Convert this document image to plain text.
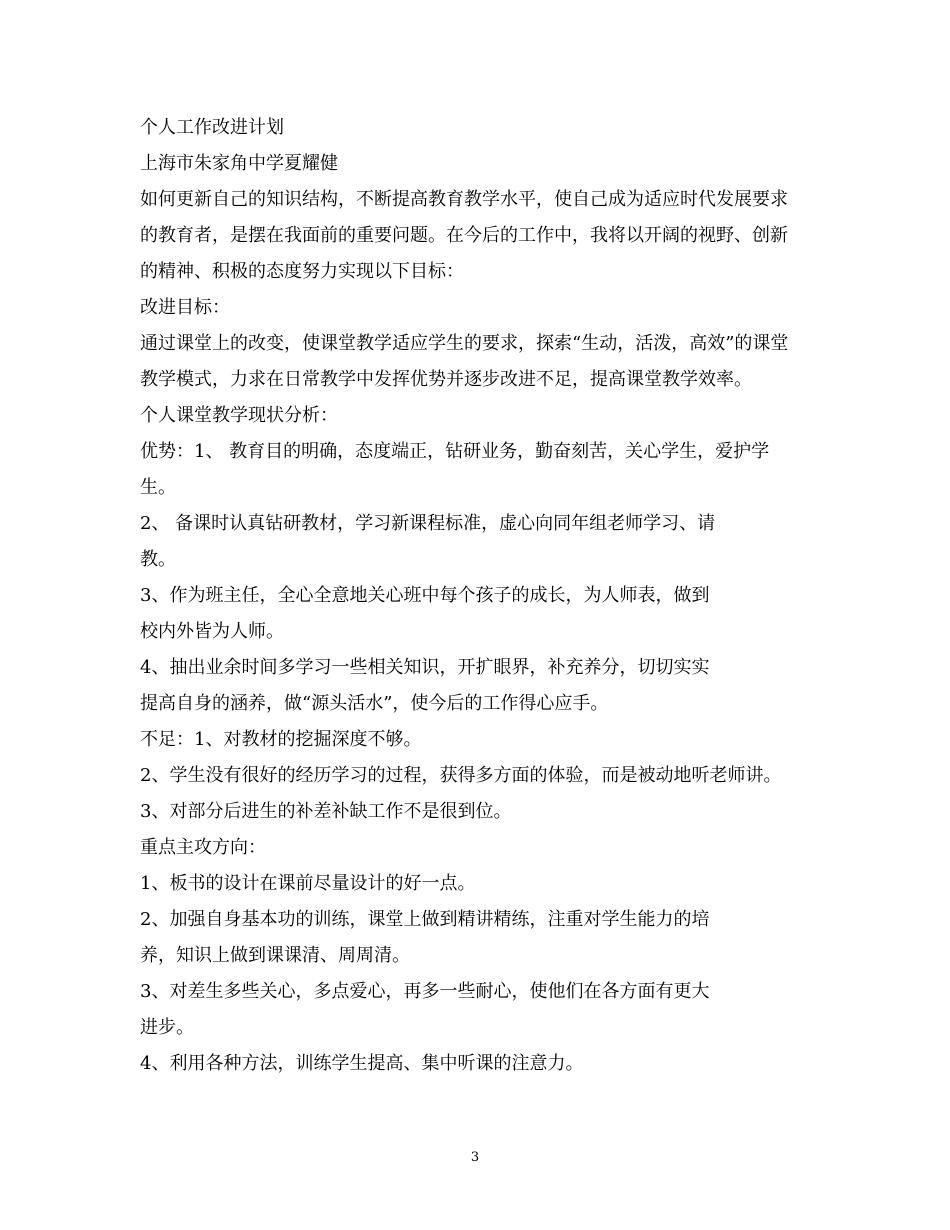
个人工作改进计划
上海市朱家角中学夏耀健
如何更新自己的知识结构，不断提高教育教学水平，使自己成为适应时代发展要求
的教育者，是摆在我面前的重要问题。在今后的工作中，我将以开阔的视野、创新
的精神、积极的态度努力实现以下目标：
改进目标：
通过课堂上的改变，使课堂教学适应学生的要求，探索“生动，活泼，高效”的课堂
教学模式，力求在日常教学中发挥优势并逐步改进不足，提高课堂教学效率。
个人课堂教学现状分析：
优势：1、 教育目的明确，态度端正，钻研业务，勤奋刻苦，关心学生，爱护学
生。
2、 备课时认真钻研教材，学习新课程标准，虚心向同年组老师学习、请
教。
3、作为班主任，全心全意地关心班中每个孩子的成长，为人师表，做到
校内外皆为人师。
4、抽出业余时间多学习一些相关知识，开扩眼界，补充养分，切切实实
提高自身的涵养，做“源头活水”，使今后的工作得心应手。
不足：1、对教材的挖掘深度不够。
2、学生没有很好的经历学习的过程，获得多方面的体验，而是被动地听老师讲。
3、对部分后进生的补差补缺工作不是很到位。
重点主攻方向：
1、板书的设计在课前尽量设计的好一点。
2、加强自身基本功的训练，课堂上做到精讲精练，注重对学生能力的培
养，知识上做到课课清、周周清。
3、对差生多些关心，多点爱心，再多一些耐心，使他们在各方面有更大
进步。
4、利用各种方法，训练学生提高、集中听课的注意力。
3
